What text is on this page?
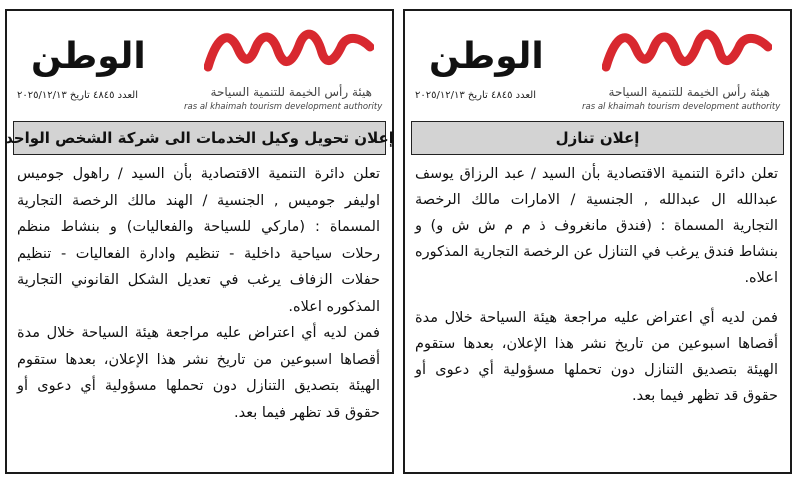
هيئة رأس الخيمة للتنمية السياحة
ras al khaimah tourism development authority
الوطن
العدد ٤٨٤٥ تاريخ ٢٠٢٥/١٢/١٣
إعلان تحويل وكيل الخدمات الى شركة الشخص الواحد

تعلن دائرة التنمية الاقتصادية بأن السيد / راهول جوميس اوليفر جوميس , الجنسية / الهند مالك الرخصة التجارية المسماة : (ماركي للسياحة والفعاليات) و بنشاط منظم رحلات سياحية داخلية - تنظيم وادارة الفعاليات - تنظيم حفلات الزفاف يرغب في تعديل الشكل القانوني التجارية المذكوره اعلاه.

فمن لديه أي اعتراض عليه مراجعة هيئة السياحة خلال مدة أقصاها اسبوعين من تاريخ نشر هذا الإعلان، بعدها ستقوم الهيئة بتصديق التنازل دون تحملها مسؤولية أي دعوى أو حقوق قد تظهر فيما بعد.

هيئة رأس الخيمة للتنمية السياحة
ras al khaimah tourism development authority
الوطن
العدد ٤٨٤٥ تاريخ ٢٠٢٥/١٢/١٣
إعلان تنازل

تعلن دائرة التنمية الاقتصادية بأن السيد / عبد الرزاق يوسف عبدالله ال عبدالله , الجنسية / الامارات مالك الرخصة التجارية المسماة : (فندق مانغروف ذ م م ش ش و) و بنشاط فندق يرغب في التنازل عن الرخصة التجارية المذكوره اعلاه.

فمن لديه أي اعتراض عليه مراجعة هيئة السياحة خلال مدة أقصاها اسبوعين من تاريخ نشر هذا الإعلان، بعدها ستقوم الهيئة بتصديق التنازل دون تحملها مسؤولية أي دعوى أو حقوق قد تظهر فيما بعد.
